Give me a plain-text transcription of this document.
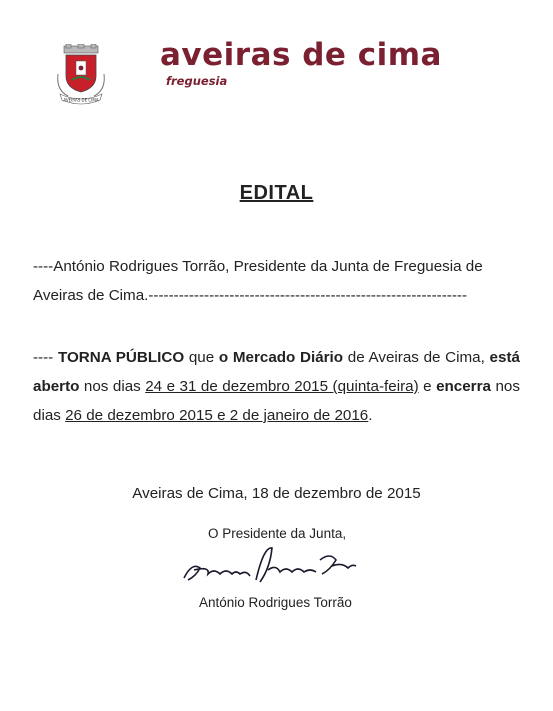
AVEIRAS DE CIMA
aveiras de cima
freguesia
EDITAL
----António Rodrigues Torrão, Presidente da Junta de Freguesia de Aveiras de Cima.---------------------------------------------------------------
---- TORNA PÚBLICO que o Mercado Diário de Aveiras de Cima, está aberto nos dias 24 e 31 de dezembro 2015 (quinta-feira) e encerra nos dias 26 de dezembro 2015 e 2 de janeiro de 2016.
Aveiras de Cima, 18 de dezembro de 2015
O Presidente da Junta,
António Rodrigues Torrão
